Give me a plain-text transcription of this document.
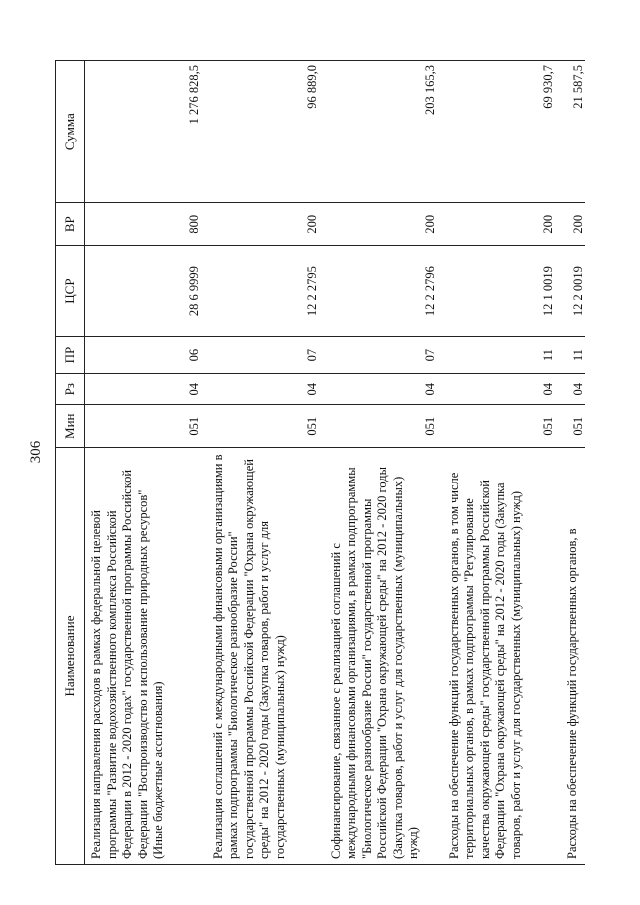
306
Наименование	Мин	Рз	ПР	ЦСР	ВР	Сумма
Реализация направления расходов в рамках федеральной целевой программы "Развитие водохозяйственного комплекса Российской Федерации в 2012 - 2020 годах" государственной программы Российской Федерации "Воспроизводство и использование природных ресурсов" (Иные бюджетные ассигнования)	051	04	06	28 6 9999	800	1 276 828,5
Реализация соглашений с международными финансовыми организациями в рамках подпрограммы "Биологическое разнообразие России" государственной программы Российской Федерации "Охрана окружающей среды" на 2012 - 2020 годы (Закупка товаров, работ и услуг для государственных (муниципальных) нужд)	051	04	07	12 2 2795	200	96 889,0
Софинансирование, связанное с реализацией соглашений с международными финансовыми организациями, в рамках подпрограммы "Биологическое разнообразие России" государственной программы Российской Федерации "Охрана окружающей среды" на 2012 - 2020 годы (Закупка товаров, работ и услуг для государственных (муниципальных) нужд)	051	04	07	12 2 2796	200	203 165,3
Расходы на обеспечение функций государственных органов, в том числе территориальных органов, в рамках подпрограммы "Регулирование качества окружающей среды" государственной программы Российской Федерации "Охрана окружающей среды" на 2012 - 2020 годы (Закупка товаров, работ и услуг для государственных (муниципальных) нужд)	051	04	11	12 1 0019	200	69 930,7
Расходы на обеспечение функций государственных органов, в	051	04	11	12 2 0019	200	21 587,5
